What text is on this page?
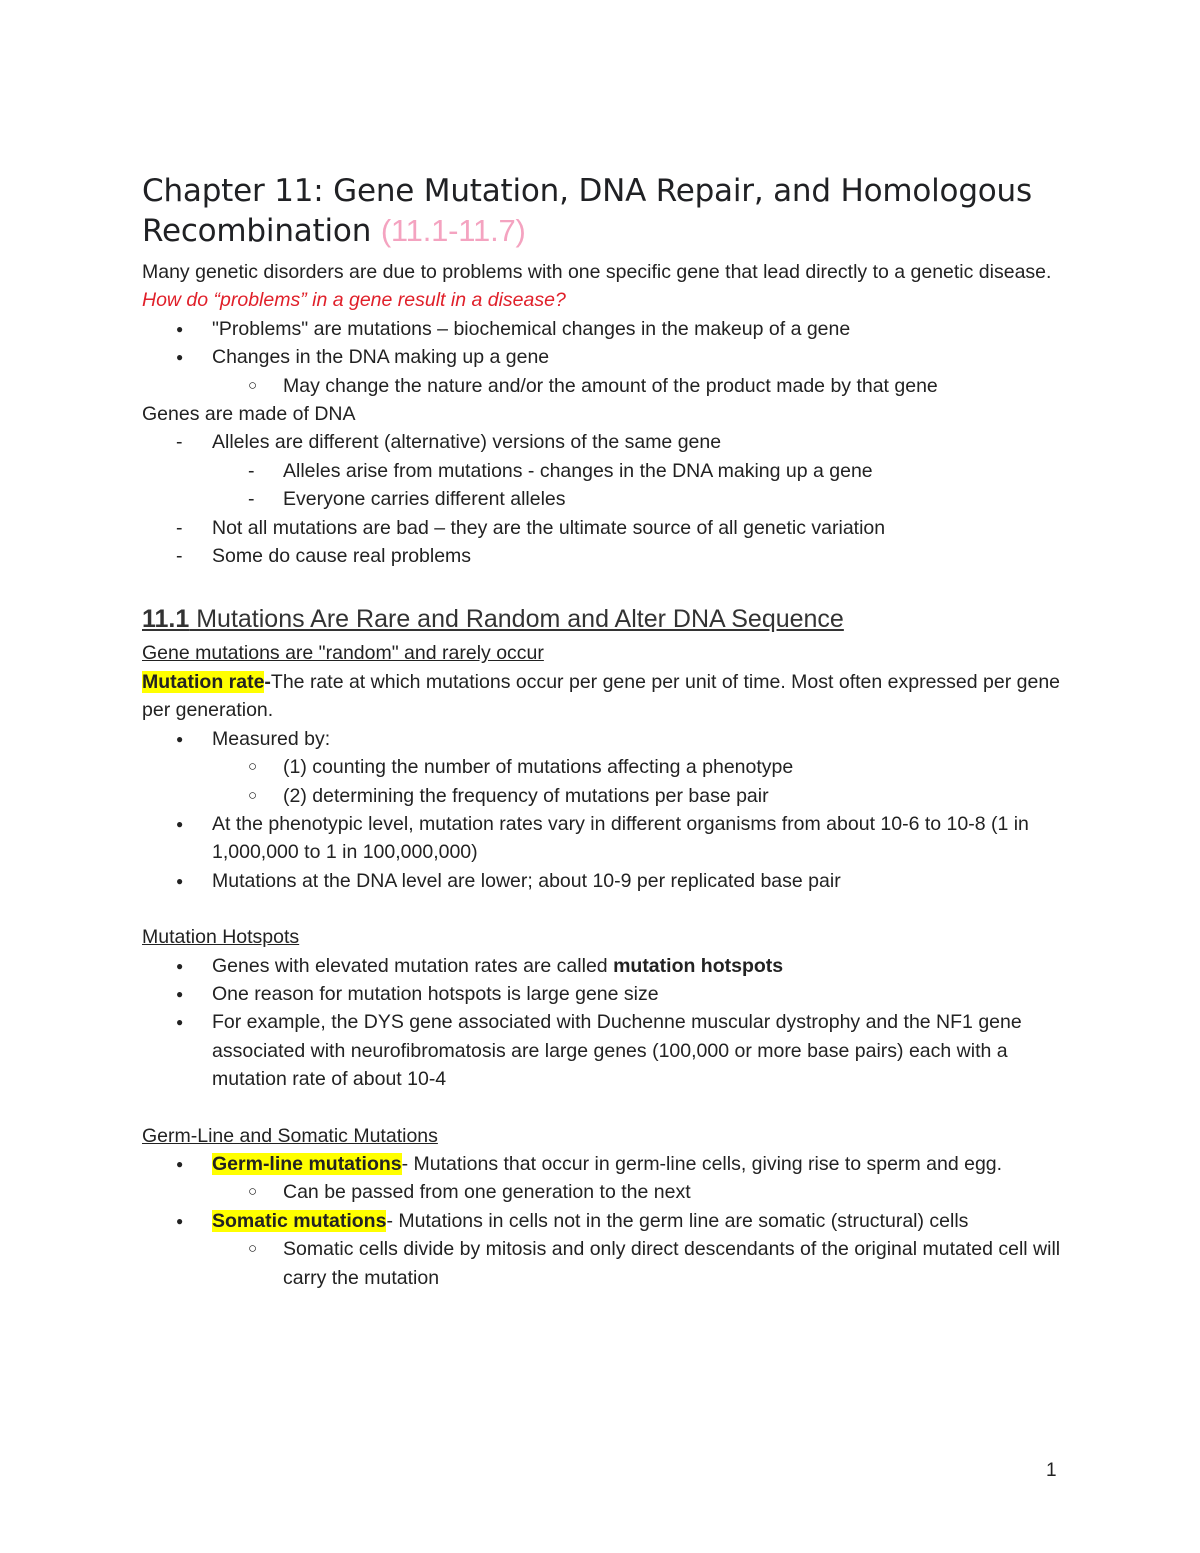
Chapter 11: Gene Mutation, DNA Repair, and Homologous Recombination (11.1-11.7)

Many genetic disorders are due to problems with one specific gene that lead directly to a genetic disease. How do “problems” in a gene result in a disease?

● "Problems" are mutations – biochemical changes in the makeup of a gene
● Changes in the DNA making up a gene
○ May change the nature and/or the amount of the product made by that gene

Genes are made of DNA

- Alleles are different (alternative) versions of the same gene
- Alleles arise from mutations - changes in the DNA making up a gene
- Everyone carries different alleles
- Not all mutations are bad – they are the ultimate source of all genetic variation
- Some do cause real problems
11.1 Mutations Are Rare and Random and Alter DNA Sequence

Gene mutations are "random" and rarely occur

Mutation rate-The rate at which mutations occur per gene per unit of time. Most often expressed per gene per generation.

● Measured by:
○ (1) counting the number of mutations affecting a phenotype
○ (2) determining the frequency of mutations per base pair
● At the phenotypic level, mutation rates vary in different organisms from about 10-6 to 10-8 (1 in 1,000,000 to 1 in 100,000,000)
● Mutations at the DNA level are lower; about 10-9 per replicated base pair

Mutation Hotspots

● Genes with elevated mutation rates are called mutation hotspots
● One reason for mutation hotspots is large gene size
● For example, the DYS gene associated with Duchenne muscular dystrophy and the NF1 gene associated with neurofibromatosis are large genes (100,000 or more base pairs) each with a mutation rate of about 10-4

Germ-Line and Somatic Mutations

● Germ-line mutations- Mutations that occur in germ-line cells, giving rise to sperm and egg.
○ Can be passed from one generation to the next
● Somatic mutations- Mutations in cells not in the germ line are somatic (structural) cells
○ Somatic cells divide by mitosis and only direct descendants of the original mutated cell will carry the mutation
1
